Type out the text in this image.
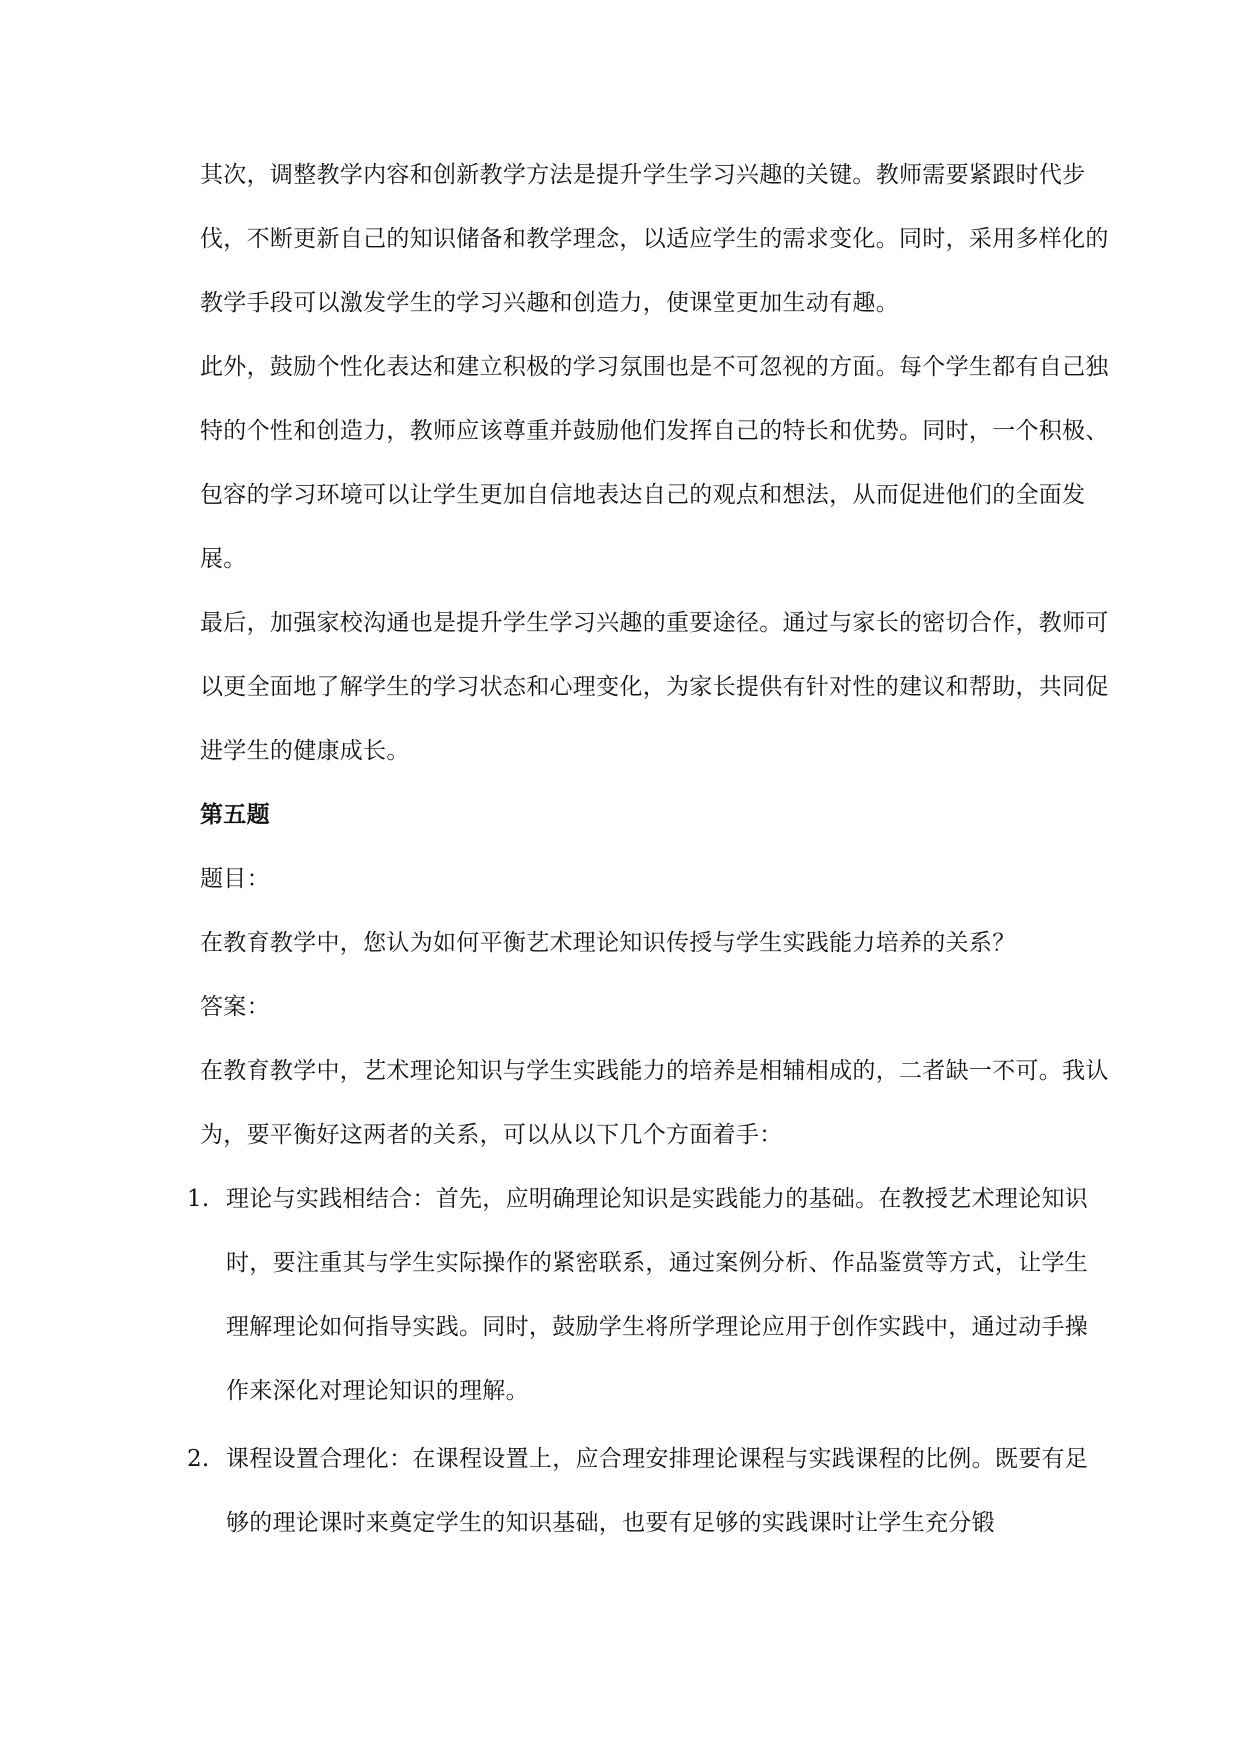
其次，调整教学内容和创新教学方法是提升学生学习兴趣的关键。教师需要紧跟时代步伐，不断更新自己的知识储备和教学理念，以适应学生的需求变化。同时，采用多样化的教学手段可以激发学生的学习兴趣和创造力，使课堂更加生动有趣。

此外，鼓励个性化表达和建立积极的学习氛围也是不可忽视的方面。每个学生都有自己独特的个性和创造力，教师应该尊重并鼓励他们发挥自己的特长和优势。同时，一个积极、包容的学习环境可以让学生更加自信地表达自己的观点和想法，从而促进他们的全面发展。

最后，加强家校沟通也是提升学生学习兴趣的重要途径。通过与家长的密切合作，教师可以更全面地了解学生的学习状态和心理变化，为家长提供有针对性的建议和帮助，共同促进学生的健康成长。

第五题

题目：

在教育教学中，您认为如何平衡艺术理论知识传授与学生实践能力培养的关系？

答案：

在教育教学中，艺术理论知识与学生实践能力的培养是相辅相成的，二者缺一不可。我认为，要平衡好这两者的关系，可以从以下几个方面着手：

1. 理论与实践相结合：首先，应明确理论知识是实践能力的基础。在教授艺术理论知识时，要注重其与学生实际操作的紧密联系，通过案例分析、作品鉴赏等方式，让学生理解理论如何指导实践。同时，鼓励学生将所学理论应用于创作实践中，通过动手操作来深化对理论知识的理解。
2. 课程设置合理化：在课程设置上，应合理安排理论课程与实践课程的比例。既要有足够的理论课时来奠定学生的知识基础，也要有足够的实践课时让学生充分锻
